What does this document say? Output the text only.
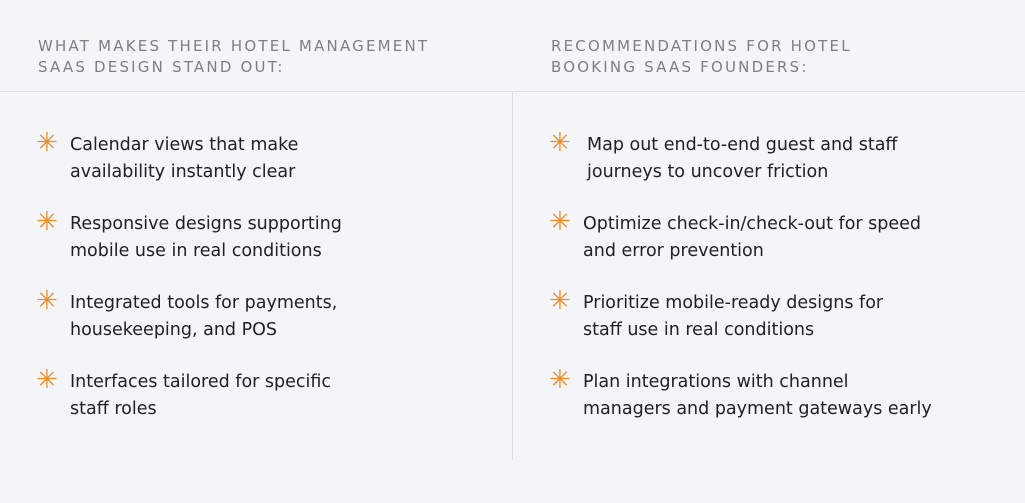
WHAT MAKES THEIR HOTEL MANAGEMENT
SAAS DESIGN STAND OUT:
RECOMMENDATIONS FOR HOTEL
BOOKING SAAS FOUNDERS:
✳ Calendar views that make
availability instantly clear
✳ Responsive designs supporting
mobile use in real conditions
✳ Integrated tools for payments,
housekeeping, and POS
✳ Interfaces tailored for specific
staff roles
✳ Map out end-to-end guest and staff
journeys to uncover friction
✳ Optimize check-in/check-out for speed
and error prevention
✳ Prioritize mobile-ready designs for
staff use in real conditions
✳ Plan integrations with channel
managers and payment gateways early
